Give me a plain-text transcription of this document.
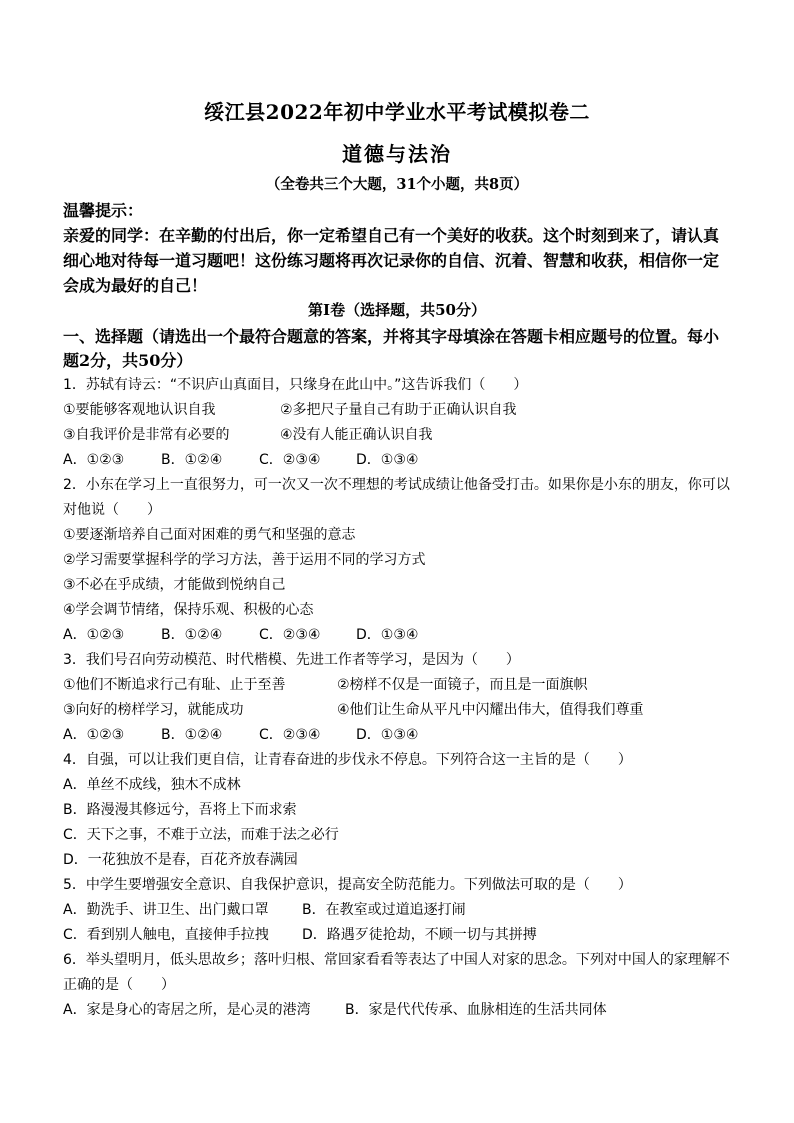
绥江县2022年初中学业水平考试模拟卷二
道德与法治
（全卷共三个大题，31个小题，共8页）
温馨提示：
亲爱的同学：在辛勤的付出后，你一定希望自己有一个美好的收获。这个时刻到来了，请认真
细心地对待每一道习题吧！这份练习题将再次记录你的自信、沉着、智慧和收获，相信你一定
会成为最好的自己！
第Ⅰ卷（选择题，共50分）
一、选择题（请选出一个最符合题意的答案，并将其字母填涂在答题卡相应题号的位置。每小
题2分，共50分）
1．苏轼有诗云：“不识庐山真面目，只缘身在此山中。”这告诉我们（　　）
①要能够客观地认识自我	②多把尺子量自己有助于正确认识自我
③自我评价是非常有必要的	④没有人能正确认识自我
A．①②③	B．①②④	C．②③④	D．①③④
2．小东在学习上一直很努力，可一次又一次不理想的考试成绩让他备受打击。如果你是小东的朋友，你可以
对他说（　　）
①要逐渐培养自己面对困难的勇气和坚强的意志
②学习需要掌握科学的学习方法，善于运用不同的学习方式
③不必在乎成绩，才能做到悦纳自己
④学会调节情绪，保持乐观、积极的心态
A．①②③	B．①②④	C．②③④	D．①③④
3．我们号召向劳动模范、时代楷模、先进工作者等学习，是因为（　　）
①他们不断追求行己有耻、止于至善	②榜样不仅是一面镜子，而且是一面旗帜
③向好的榜样学习，就能成功	④他们让生命从平凡中闪耀出伟大，值得我们尊重
A．①②③	B．①②④	C．②③④	D．①③④
4．自强，可以让我们更自信，让青春奋进的步伐永不停息。下列符合这一主旨的是（　　）
A．单丝不成线，独木不成林
B．路漫漫其修远兮，吾将上下而求索
C．天下之事，不难于立法，而难于法之必行
D．一花独放不是春，百花齐放春满园
5．中学生要增强安全意识、自我保护意识，提高安全防范能力。下列做法可取的是（　　）
A．勤洗手、讲卫生、出门戴口罩 B．在教室或过道追逐打闹
C．看到别人触电，直接伸手拉拽 D．路遇歹徒抢劫，不顾一切与其拼搏
6．举头望明月，低头思故乡；落叶归根、常回家看看等表达了中国人对家的思念。下列对中国人的家理解不
正确的是（　　）
A．家是身心的寄居之所，是心灵的港湾 B．家是代代传承、血脉相连的生活共同体
